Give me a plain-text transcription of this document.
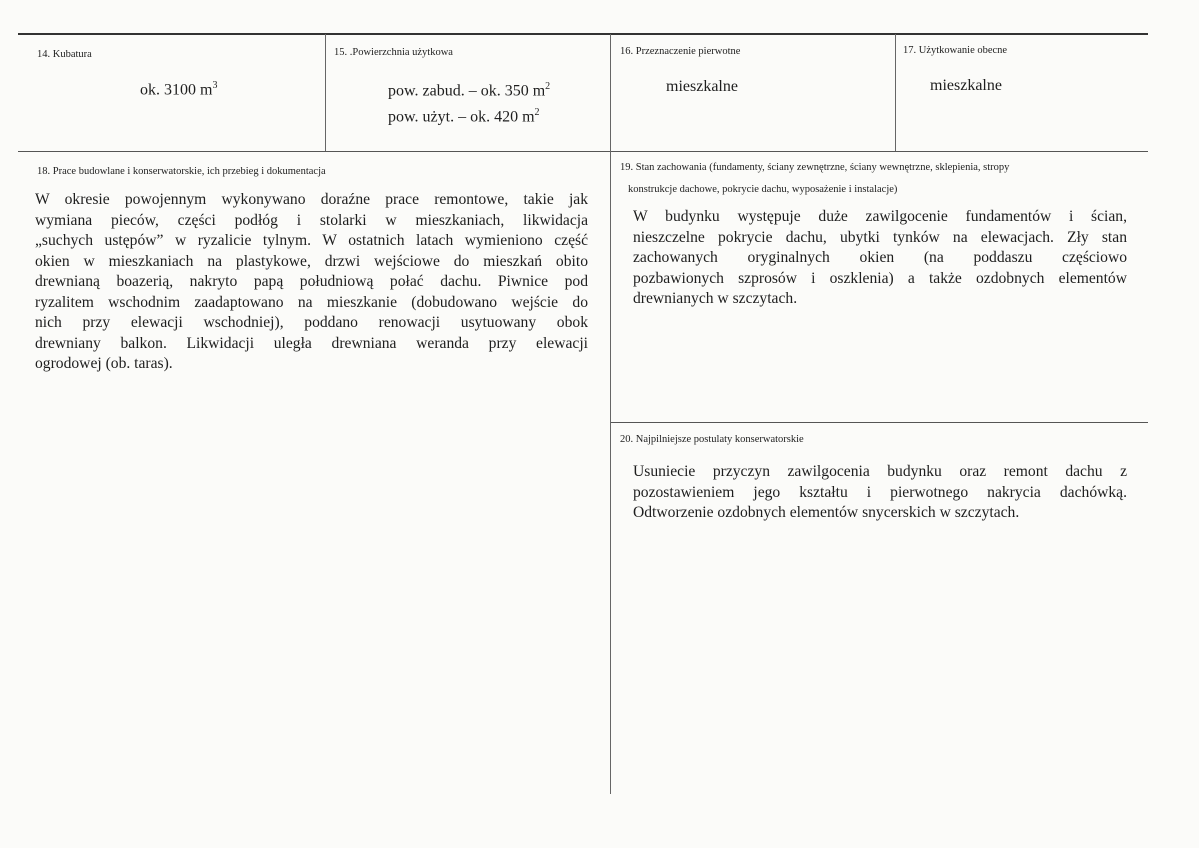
14. Kubatura
ok. 3100 $m^3$
15. .Powierzchnia użytkowa
pow. zabud. – ok. 350 $m^2$
pow. użyt. – ok. 420 $m^2$
16. Przeznaczenie pierwotne
mieszkalne
17. Użytkowanie obecne
mieszkalne
18. Prace budowlane i konserwatorskie, ich przebieg i dokumentacja
W okresie powojennym wykonywano doraźne prace remontowe, takie jak
wymiana pieców, części podłóg i stolarki w mieszkaniach, likwidacja
„suchych ustępów” w ryzalicie tylnym. W ostatnich latach wymieniono część
okien w mieszkaniach na plastykowe, drzwi wejściowe do mieszkań obito
drewnianą boazerią, nakryto papą południową połać dachu. Piwnice pod
ryzalitem wschodnim zaadaptowano na mieszkanie (dobudowano wejście do
nich przy elewacji wschodniej), poddano renowacji usytuowany obok
drewniany balkon. Likwidacji uległa drewniana weranda przy elewacji
ogrodowej (ob. taras).
19. Stan zachowania (fundamenty, ściany zewnętrzne, ściany wewnętrzne, sklepienia, stropy
konstrukcje dachowe, pokrycie dachu, wyposażenie i instalacje)
W budynku występuje duże zawilgocenie fundamentów i ścian,
nieszczelne pokrycie dachu, ubytki tynków na elewacjach. Zły stan
zachowanych oryginalnych okien (na poddaszu częściowo
pozbawionych szprosów i oszklenia) a także ozdobnych elementów
drewnianych w szczytach.
20. Najpilniejsze postulaty konserwatorskie
Usuniecie przyczyn zawilgocenia budynku oraz remont dachu z
pozostawieniem jego kształtu i pierwotnego nakrycia dachówką.
Odtworzenie ozdobnych elementów snycerskich w szczytach.
